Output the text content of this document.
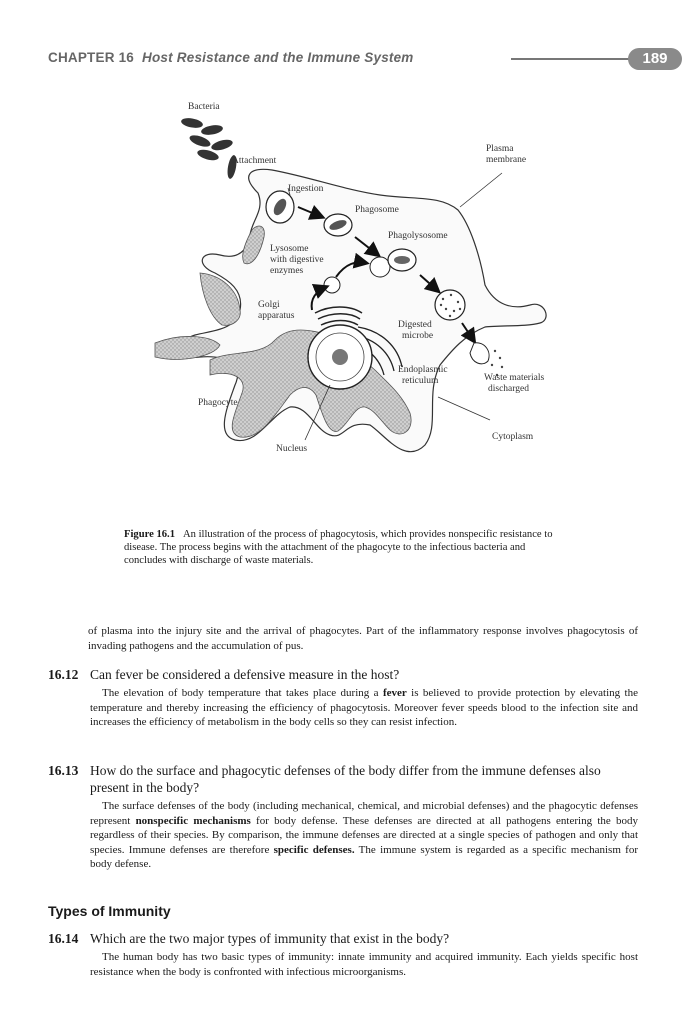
CHAPTER 16 Host Resistance and the Immune System	189
Bacteria
Attachment
Ingestion
Phagosome
Phagolysosome
Plasma
membrane
Lysosome
with digestive
enzymes
Golgi
apparatus
Digested
microbe
Endoplasmic
reticulum	Waste materials
discharged
Phagocyte
Cytoplasm
Nucleus
Figure 16.1 An illustration of the process of phagocytosis, which provides nonspecific resistance to disease. The process begins with the attachment of the phagocyte to the infectious bacteria and concludes with discharge of waste materials.

of plasma into the injury site and the arrival of phagocytes. Part of the inflammatory response involves phagocytosis of invading pathogens and the accumulation of pus.

16.12 Can fever be considered a defensive measure in the host?

The elevation of body temperature that takes place during a fever is believed to provide protection by elevating the temperature and thereby increasing the efficiency of phagocytosis. Moreover fever speeds blood to the infection site and increases the efficiency of metabolism in the body cells so they can resist infection.

16.13 How do the surface and phagocytic defenses of the body differ from the immune defenses also present in the body?

The surface defenses of the body (including mechanical, chemical, and microbial defenses) and the phagocytic defenses represent nonspecific mechanisms for body defense. These defenses are directed at all pathogens entering the body regardless of their species. By comparison, the immune defenses are directed at a single species of pathogen and only that species. Immune defenses are therefore specific defenses. The immune system is regarded as a specific mechanism for body defense.

Types of Immunity
16.14 Which are the two major types of immunity that exist in the body?

The human body has two basic types of immunity: innate immunity and acquired immunity. Each yields specific host resistance when the body is confronted with infectious microorganisms.
